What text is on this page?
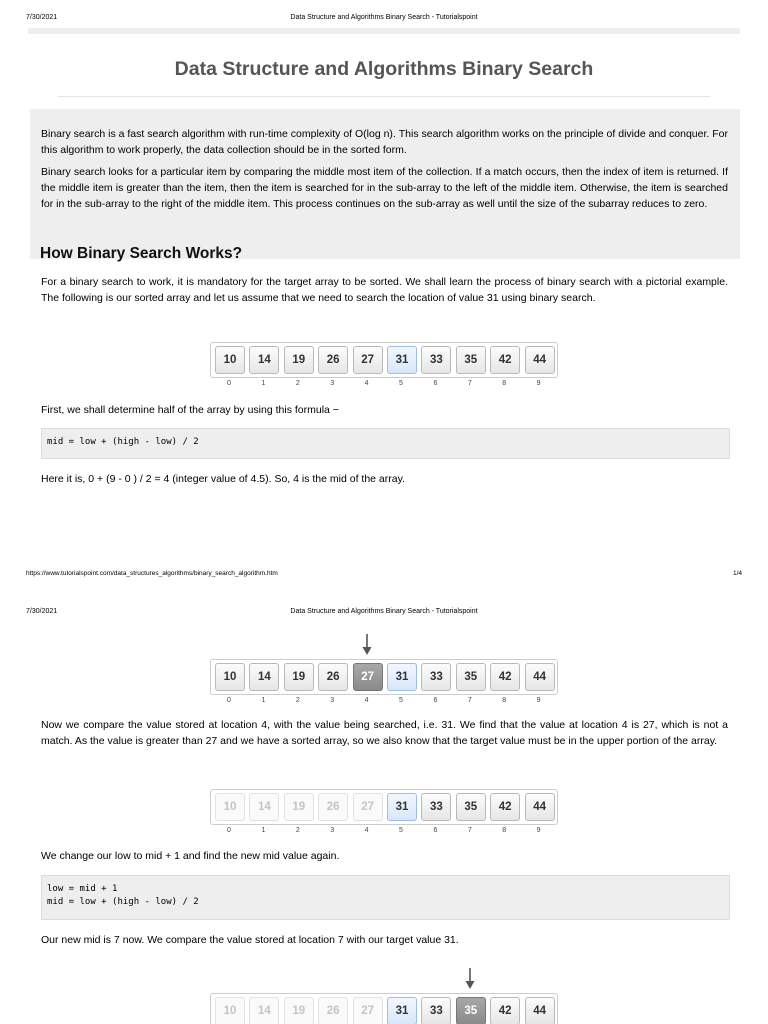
7/30/2021	Data Structure and Algorithms Binary Search - Tutorialspoint
Data Structure and Algorithms Binary Search

Binary search is a fast search algorithm with run-time complexity of Ο(log n). This search algorithm works on the principle of divide and conquer. For this algorithm to work properly, the data collection should be in the sorted form.

Binary search looks for a particular item by comparing the middle most item of the collection. If a match occurs, then the index of item is returned. If the middle item is greater than the item, then the item is searched for in the sub-array to the left of the middle item. Otherwise, the item is searched for in the sub-array to the right of the middle item. This process continues on the sub-array as well until the size of the subarray reduces to zero.

How Binary Search Works?

For a binary search to work, it is mandatory for the target array to be sorted. We shall learn the process of binary search with a pictorial example. The following is our sorted array and let us assume that we need to search the location of value 31 using binary search.

10	14	19	26	27	31	33	35	42	44
0	1	2	3	4	5	6	7	8	9

First, we shall determine half of the array by using this formula −

mid = low + (high - low) / 2

Here it is, 0 + (9 - 0 ) / 2 = 4 (integer value of 4.5). So, 4 is the mid of the array.

https://www.tutorialspoint.com/data_structures_algorithms/binary_search_algorithm.htm	1/4
7/30/2021	Data Structure and Algorithms Binary Search - Tutorialspoint
10	14	19	26	27	31	33	35	42	44
0	1	2	3	4	5	6	7	8	9

Now we compare the value stored at location 4, with the value being searched, i.e. 31. We find that the value at location 4 is 27, which is not a match. As the value is greater than 27 and we have a sorted array, so we also know that the target value must be in the upper portion of the array.

10	14	19	26	27	31	33	35	42	44
0	1	2	3	4	5	6	7	8	9

We change our low to mid + 1 and find the new mid value again.

low = mid + 1
mid = low + (high - low) / 2

Our new mid is 7 now. We compare the value stored at location 7 with our target value 31.

10	14	19	26	27	31	33	35	42	44
